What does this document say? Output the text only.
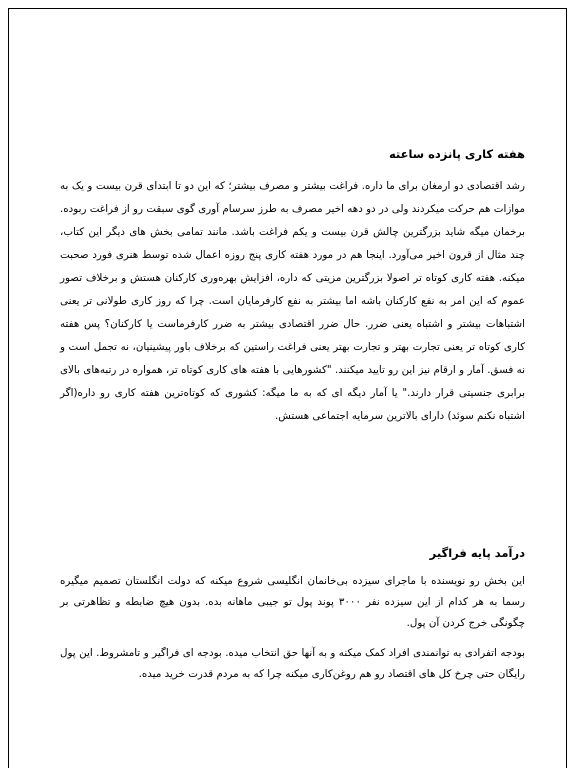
هفته کاری پانزده ساعته

رشد اقتصادی دو ارمغان برای ما داره. فراغت بیشتر و مصرف بیشتر؛ که این دو تا ابتدای قرن بیست و یک به موازات هم حرکت میکردند ولی در دو دهه اخیر مصرف به طرز سرسام آوری گوی سبقت رو از فراغت ربوده. برخمان میگه شاید بزرگترین چالش قرن بیست و یکم فراغت باشد. مانند تمامی بخش های دیگر این کتاب، چند مثال از قرون اخیر می‌آورد. اینجا هم در مورد هفته کاری پنج روزه اعمال شده توسط هنری فورد صحبت میکنه. هفته کاری کوتاه تر اصولا بزرگترین مزیتی که داره، افزایش بهره‌وری کارکنان هستش و برخلاف تصور عموم که این امر به نفع کارکنان باشه اما بیشتر به نفع کارفرمایان است. چرا که روز کاری طولانی تر یعنی اشتباهات بیشتر و اشتباه یعنی ضرر. حال ضرر اقتصادی بیشتر به ضرر کارفرماست یا کارکنان؟ پس هفته کاری کوتاه تر یعنی تجارت بهتر و تجارت بهتر یعنی فراغت راستین که برخلاف باور پیشینیان، نه تجمل است و نه فسق. آمار و ارقام نیز این رو تایید میکنند. "کشورهایی با هفته های کاری کوتاه تر، همواره در رتبه‌های بالای برابری جنسیتی قرار دارند." یا آمار دیگه ای که به ما میگه: کشوری که کوتاه‌ترین هفته کاری رو داره(اگر اشتباه نکنم سوئد) دارای بالاترین سرمایه اجتماعی هستش.

درآمد پایه فراگیر

این بخش رو نویسنده با ماجرای سیزده بی‌خانمان انگلیسی شروع میکنه که دولت انگلستان تصمیم میگیره رسما به هر کدام از این سیزده نفر ۳۰۰۰ پوند پول تو جیبی ماهانه بده. بدون هیچ ضابطه و تظاهرتی بر چگونگی خرج کردن آن پول.

بودجه اتفرادی به توانمندی افراد کمک میکنه و به آنها حق انتخاب میده. بودجه ای فراگیر و تامشروط. این پول رایگان حتی چرخ کل های اقتصاد رو هم روغن‌کاری میکنه چرا که به مردم قدرت خرید میده.
